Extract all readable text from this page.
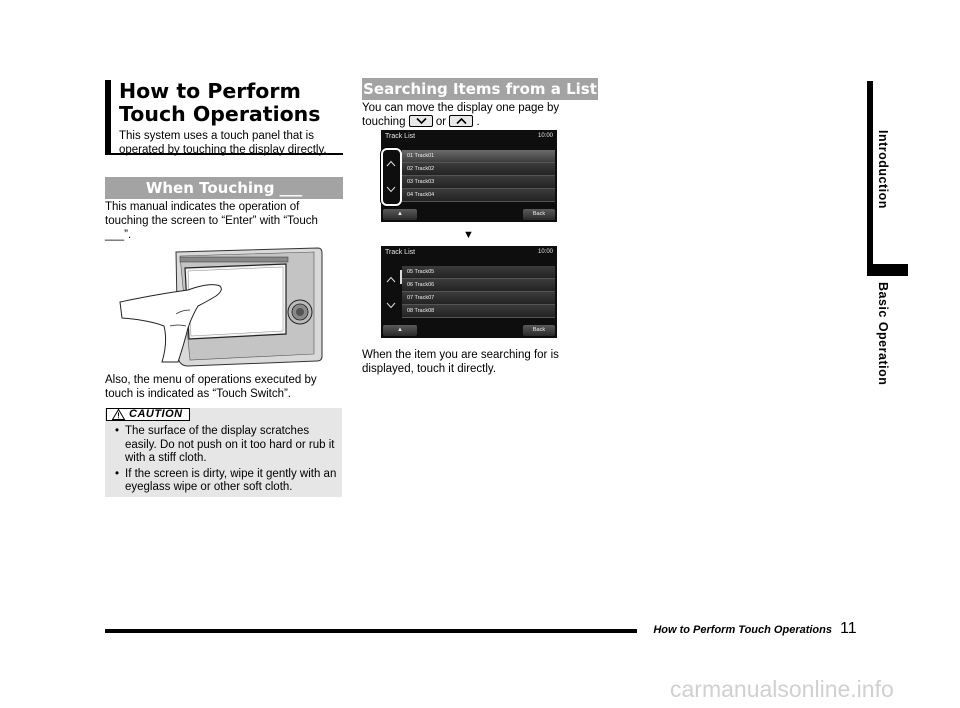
How to Perform
Touch Operations
This system uses a touch panel that is operated by touching the display directly.
When Touching ___
This manual indicates the operation of touching the screen to “Enter” with “Touch ___”.
Also, the menu of operations executed by touch is indicated as “Touch Switch”.
CAUTION
• The surface of the display scratches easily. Do not push on it too hard or rub it with a stiff cloth.
• If the screen is dirty, wipe it gently with an eyeglass wipe or other soft cloth.
Searching Items from a List
You can move the display one page by touching	or	.
Track List	10:00
01 Track01
02 Track02
03 Track03
04 Track04
▲	Back
▼
Track List	10:00
05 Track05
06 Track06
07 Track07
08 Track08
▲	Back
When the item you are searching for is displayed, touch it directly.
Introduction
Basic Operation
How to Perform Touch Operations 11
carmanualsonline.info
